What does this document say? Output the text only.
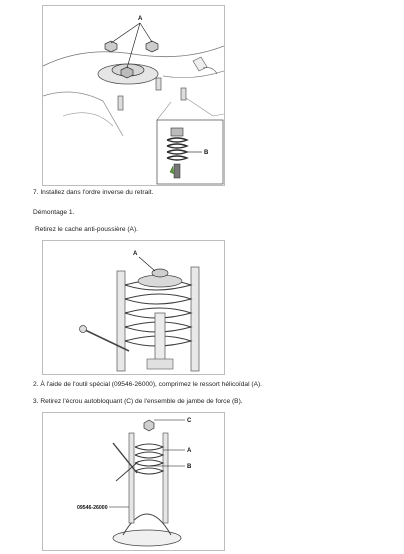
A
B
7. Installez dans l'ordre inverse du retrait.
Démontage 1.
Retirez le cache anti-poussière (A).
A
2. À l'aide de l'outil spécial (09546-26000), comprimez le ressort hélicoïdal (A).
3. Retirez l'écrou autobloquant (C) de l'ensemble de jambe de force (B).
C
A
B
09546-26000
